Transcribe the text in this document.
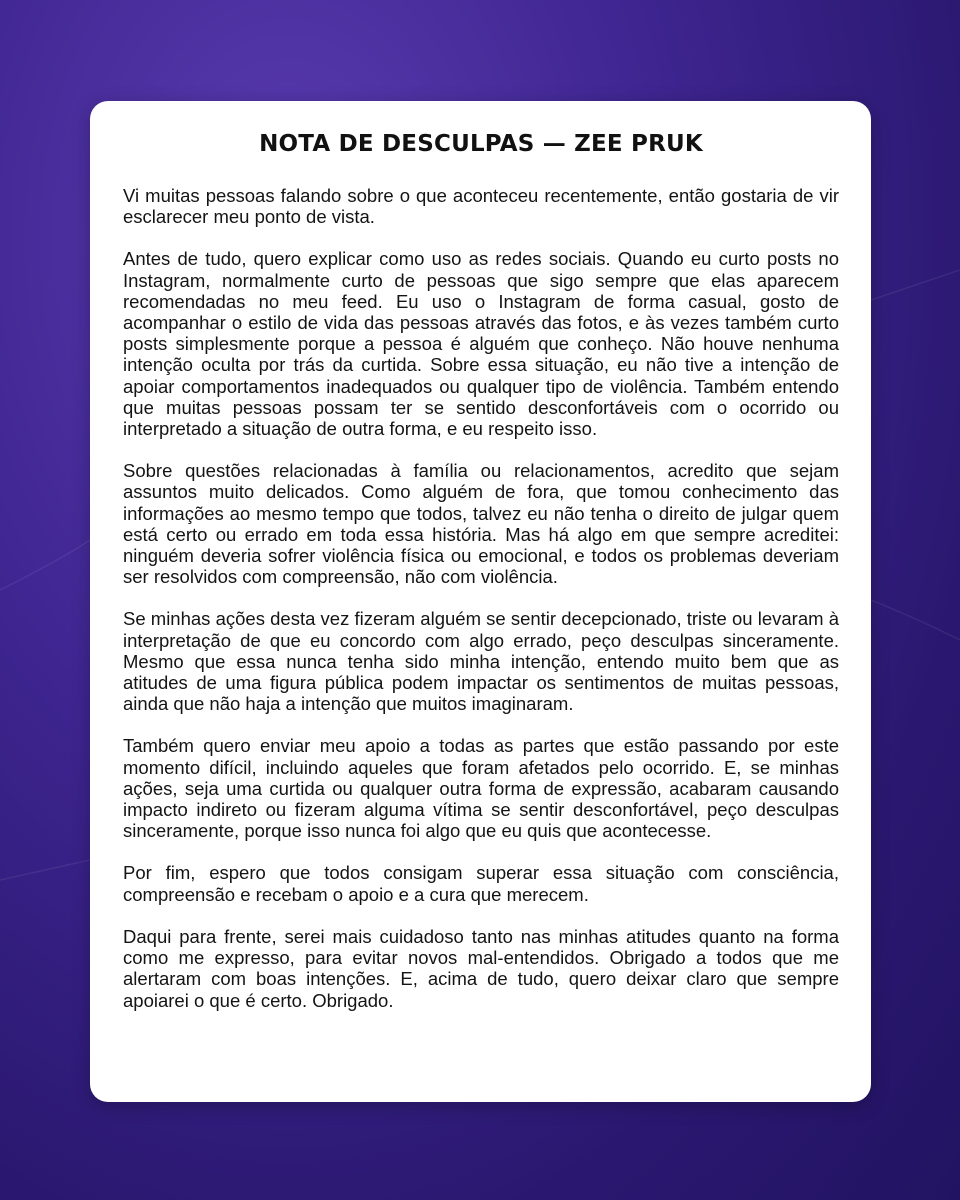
NOTA DE DESCULPAS — ZEE PRUK

Vi muitas pessoas falando sobre o que aconteceu recentemente, então gostaria de vir esclarecer meu ponto de vista.

Antes de tudo, quero explicar como uso as redes sociais. Quando eu curto posts no Instagram, normalmente curto de pessoas que sigo sempre que elas aparecem recomendadas no meu feed. Eu uso o Instagram de forma casual, gosto de acompanhar o estilo de vida das pessoas através das fotos, e às vezes também curto posts simplesmente porque a pessoa é alguém que conheço. Não houve nenhuma intenção oculta por trás da curtida. Sobre essa situação, eu não tive a intenção de apoiar comportamentos inadequados ou qualquer tipo de violência. Também entendo que muitas pessoas possam ter se sentido desconfortáveis com o ocorrido ou interpretado a situação de outra forma, e eu respeito isso.

Sobre questões relacionadas à família ou relacionamentos, acredito que sejam assuntos muito delicados. Como alguém de fora, que tomou conhecimento das informações ao mesmo tempo que todos, talvez eu não tenha o direito de julgar quem está certo ou errado em toda essa história. Mas há algo em que sempre acreditei: ninguém deveria sofrer violência física ou emocional, e todos os problemas deveriam ser resolvidos com compreensão, não com violência.

Se minhas ações desta vez fizeram alguém se sentir decepcionado, triste ou levaram à interpretação de que eu concordo com algo errado, peço desculpas sinceramente. Mesmo que essa nunca tenha sido minha intenção, entendo muito bem que as atitudes de uma figura pública podem impactar os sentimentos de muitas pessoas, ainda que não haja a intenção que muitos imaginaram.

Também quero enviar meu apoio a todas as partes que estão passando por este momento difícil, incluindo aqueles que foram afetados pelo ocorrido. E, se minhas ações, seja uma curtida ou qualquer outra forma de expressão, acabaram causando impacto indireto ou fizeram alguma vítima se sentir desconfortável, peço desculpas sinceramente, porque isso nunca foi algo que eu quis que acontecesse.

Por fim, espero que todos consigam superar essa situação com consciência, compreensão e recebam o apoio e a cura que merecem.

Daqui para frente, serei mais cuidadoso tanto nas minhas atitudes quanto na forma como me expresso, para evitar novos mal-entendidos. Obrigado a todos que me alertaram com boas intenções. E, acima de tudo, quero deixar claro que sempre apoiarei o que é certo. Obrigado.
